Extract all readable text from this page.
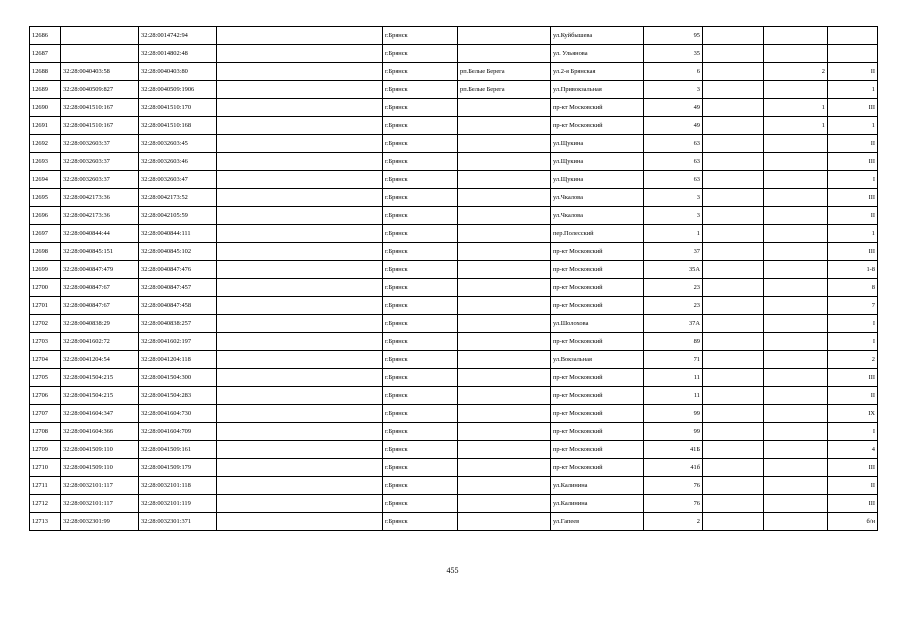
12686		32:28:0014742:94		г.Брянск		ул.Куйбышева	95			
12687		32:28:0014802:48		г.Брянск		ул. Ульянова	35			
12688	32:28:0040403:58	32:28:0040403:80		г.Брянск	рп.Белые Берега	ул.2-я Брянская	6		2	II
12689	32:28:0040509:827	32:28:0040509:1906		г.Брянск	рп.Белые Берега	ул.Привокзальная	3			1
12690	32:28:0041510:167	32:28:0041510:170		г.Брянск		пр-кт Московский	49		1	III
12691	32:28:0041510:167	32:28:0041510:168		г.Брянск		пр-кт Московский	49		1	1
12692	32:28:0032603:37	32:28:0032603:45		г.Брянск		ул.Щукина	63			II
12693	32:28:0032603:37	32:28:0032603:46		г.Брянск		ул.Щукина	63			III
12694	32:28:0032603:37	32:28:0032603:47		г.Брянск		ул.Щукина	63			I
12695	32:28:0042173:36	32:28:0042173:52		г.Брянск		ул.Чкалова	3			III
12696	32:28:0042173:36	32:28:0042105:59		г.Брянск		ул.Чкалова	3			II
12697	32:28:0040844:44	32:28:0040844:111		г.Брянск		пер.Полесский	1			1
12698	32:28:0040845:151	32:28:0040845:102		г.Брянск		пр-кт Московский	37			III
12699	32:28:0040847:479	32:28:0040847:476		г.Брянск		пр-кт Московский	35А			1-8
12700	32:28:0040847:67	32:28:0040847:457		г.Брянск		пр-кт Московский	23			8
12701	32:28:0040847:67	32:28:0040847:458		г.Брянск		пр-кт Московский	23			7
12702	32:28:0040838:29	32:28:0040838:257		г.Брянск		ул.Шолохова	37А			I
12703	32:28:0041602:72	32:28:0041602:197		г.Брянск		пр-кт Московский	89			I
12704	32:28:0041204:54	32:28:0041204:118		г.Брянск		ул.Вокзальная	71			2
12705	32:28:0041504:215	32:28:0041504:300		г.Брянск		пр-кт Московский	11			III
12706	32:28:0041504:215	32:28:0041504:283		г.Брянск		пр-кт Московский	11			II
12707	32:28:0041604:347	32:28:0041604:730		г.Брянск		пр-кт Московский	99			IX
12708	32:28:0041604:366	32:28:0041604:709		г.Брянск		пр-кт Московский	99			I
12709	32:28:0041509:110	32:28:0041509:161		г.Брянск		пр-кт Московский	41Б			4
12710	32:28:0041509:110	32:28:0041509:179		г.Брянск		пр-кт Московский	41б			III
12711	32:28:0032101:117	32:28:0032101:118		г.Брянск		ул.Калинина	76			II
12712	32:28:0032101:117	32:28:0032101:119		г.Брянск		ул.Калинина	76			III
12713	32:28:0032301:99	32:28:0032301:371		г.Брянск		ул.Гапеев	2			б/н
455
